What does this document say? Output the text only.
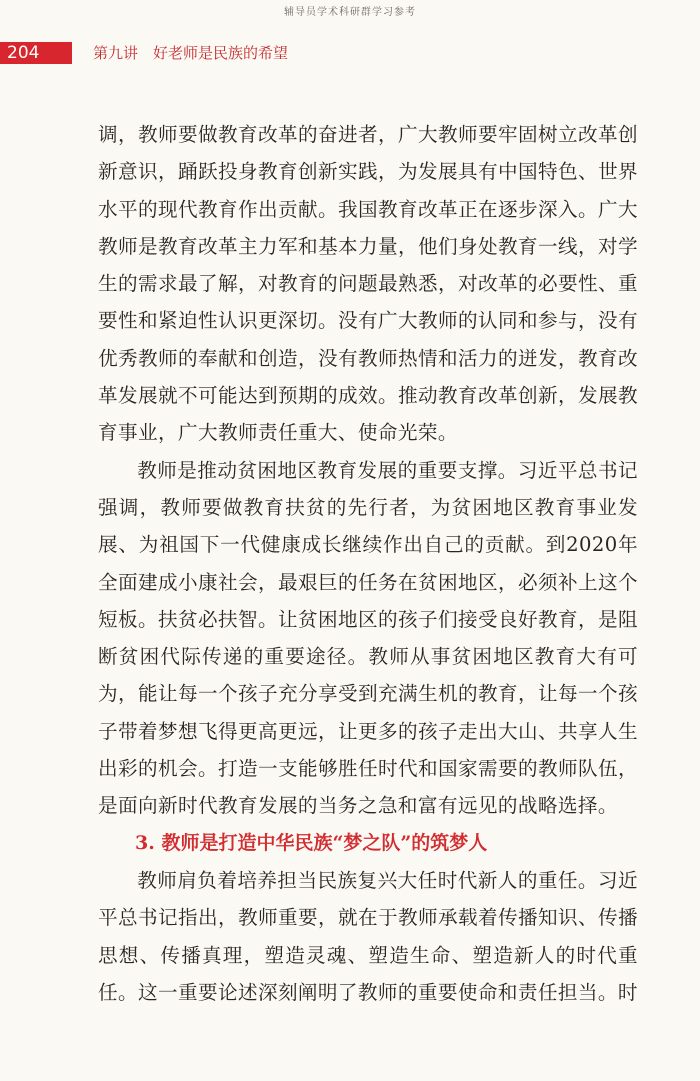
辅导员学术科研群学习参考
204	第九讲　好老师是民族的希望

调，教师要做教育改革的奋进者，广大教师要牢固树立改革创新意识，踊跃投身教育创新实践，为发展具有中国特色、世界水平的现代教育作出贡献。我国教育改革正在逐步深入。广大教师是教育改革主力军和基本力量，他们身处教育一线，对学生的需求最了解，对教育的问题最熟悉，对改革的必要性、重要性和紧迫性认识更深切。没有广大教师的认同和参与，没有优秀教师的奉献和创造，没有教师热情和活力的迸发，教育改革发展就不可能达到预期的成效。推动教育改革创新，发展教育事业，广大教师责任重大、使命光荣。

教师是推动贫困地区教育发展的重要支撑。习近平总书记强调，教师要做教育扶贫的先行者，为贫困地区教育事业发展、为祖国下一代健康成长继续作出自己的贡献。到2020年全面建成小康社会，最艰巨的任务在贫困地区，必须补上这个短板。扶贫必扶智。让贫困地区的孩子们接受良好教育，是阻断贫困代际传递的重要途径。教师从事贫困地区教育大有可为，能让每一个孩子充分享受到充满生机的教育，让每一个孩子带着梦想飞得更高更远，让更多的孩子走出大山、共享人生出彩的机会。打造一支能够胜任时代和国家需要的教师队伍，是面向新时代教育发展的当务之急和富有远见的战略选择。

3. 教师是打造中华民族“梦之队”的筑梦人

教师肩负着培养担当民族复兴大任时代新人的重任。习近平总书记指出，教师重要，就在于教师承载着传播知识、传播思想、传播真理，塑造灵魂、塑造生命、塑造新人的时代重任。这一重要论述深刻阐明了教师的重要使命和责任担当。时
